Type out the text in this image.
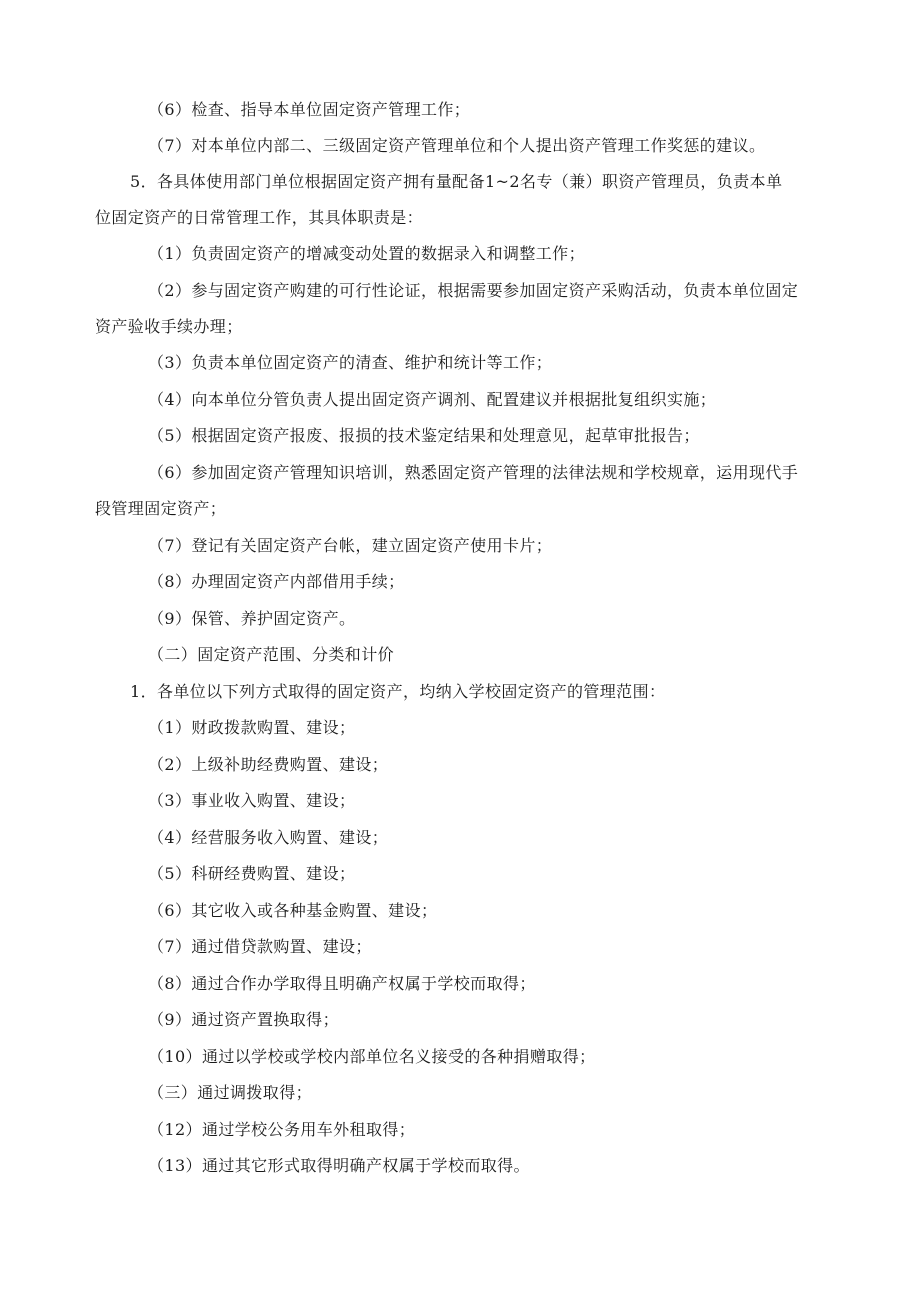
（6）检查、指导本单位固定资产管理工作；
（7）对本单位内部二、三级固定资产管理单位和个人提出资产管理工作奖惩的建议。
5．各具体使用部门单位根据固定资产拥有量配备1~2名专（兼）职资产管理员，负责本单
位固定资产的日常管理工作，其具体职责是：
（1）负责固定资产的增减变动处置的数据录入和调整工作；
（2）参与固定资产购建的可行性论证，根据需要参加固定资产采购活动，负责本单位固定
资产验收手续办理；
（3）负责本单位固定资产的清查、维护和统计等工作；
（4）向本单位分管负责人提出固定资产调剂、配置建议并根据批复组织实施；
（5）根据固定资产报废、报损的技术鉴定结果和处理意见，起草审批报告；
（6）参加固定资产管理知识培训，熟悉固定资产管理的法律法规和学校规章，运用现代手
段管理固定资产；
（7）登记有关固定资产台帐，建立固定资产使用卡片；
（8）办理固定资产内部借用手续；
（9）保管、养护固定资产。
（二）固定资产范围、分类和计价
1．各单位以下列方式取得的固定资产，均纳入学校固定资产的管理范围：
（1）财政拨款购置、建设；
（2）上级补助经费购置、建设；
（3）事业收入购置、建设；
（4）经营服务收入购置、建设；
（5）科研经费购置、建设；
（6）其它收入或各种基金购置、建设；
（7）通过借贷款购置、建设；
（8）通过合作办学取得且明确产权属于学校而取得；
（9）通过资产置换取得；
（10）通过以学校或学校内部单位名义接受的各种捐赠取得；
（三）通过调拨取得；
（12）通过学校公务用车外租取得；
（13）通过其它形式取得明确产权属于学校而取得。
